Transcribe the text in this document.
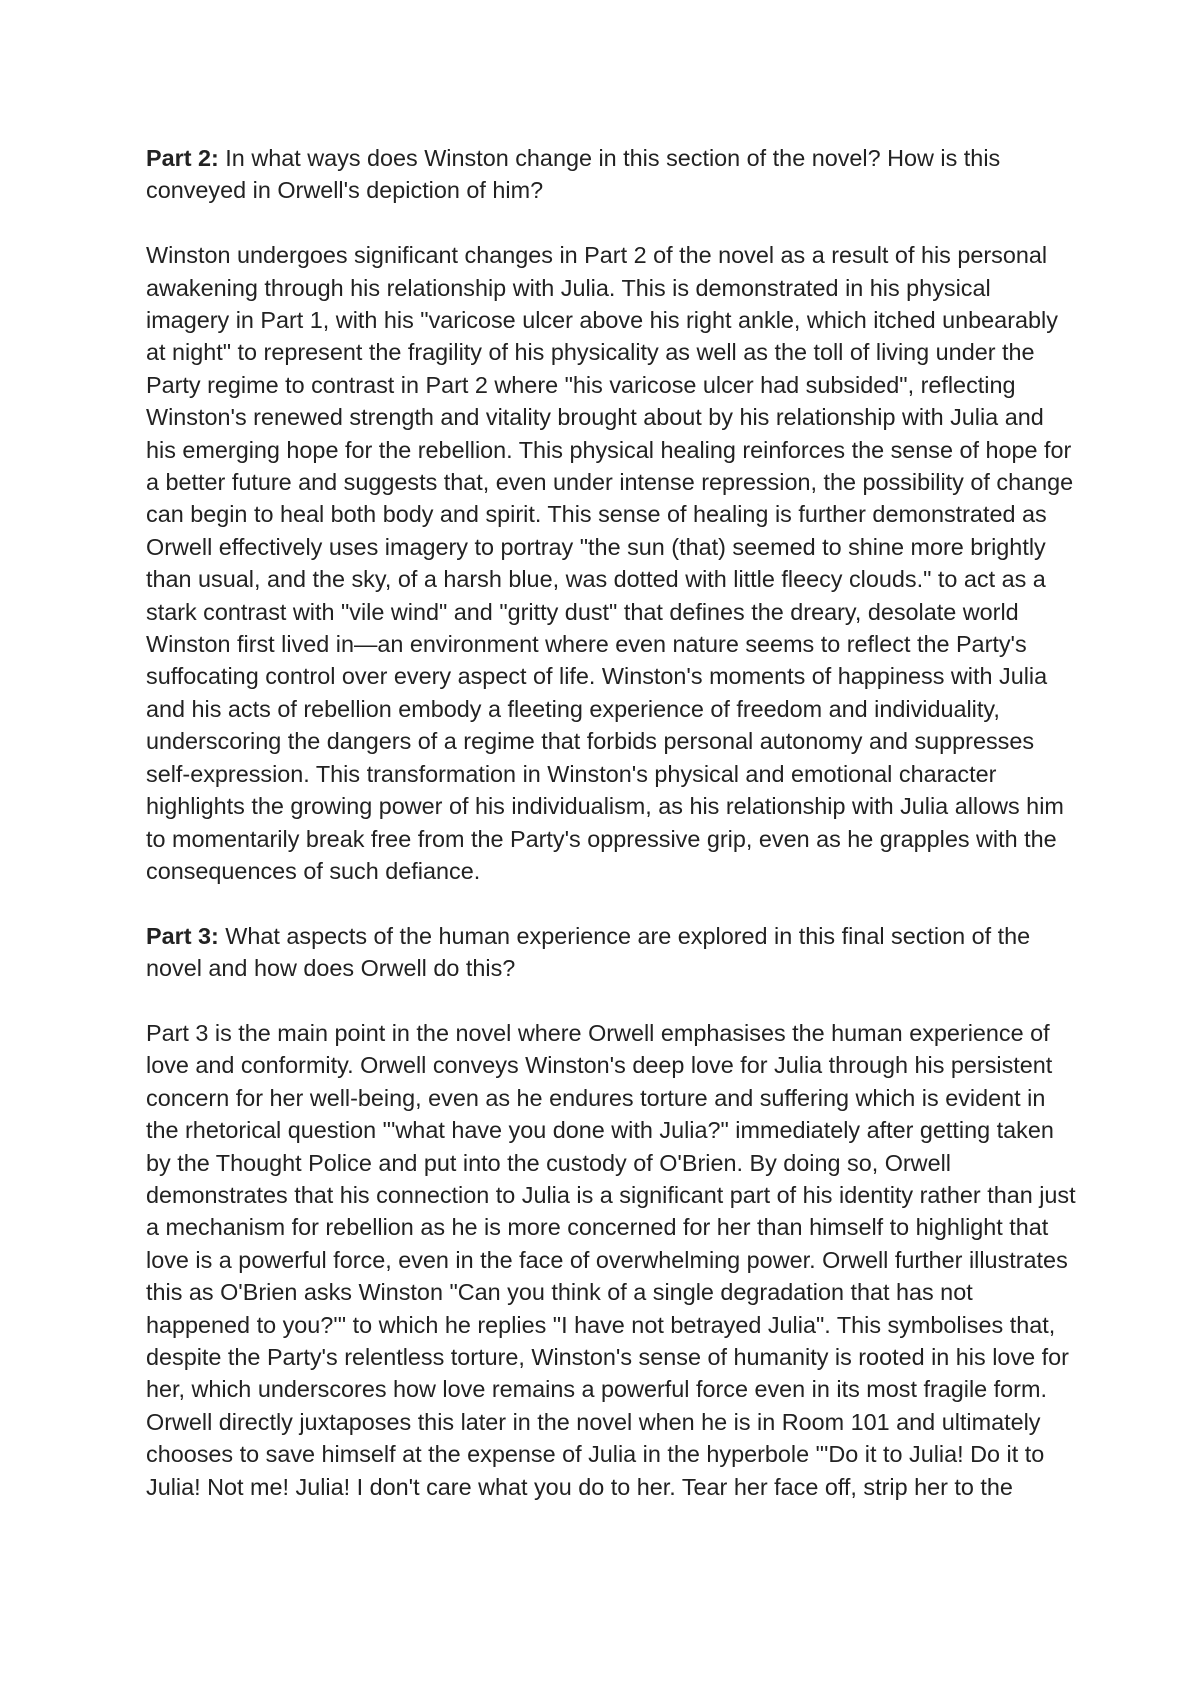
Part 2: In what ways does Winston change in this section of the novel? How is this conveyed in Orwell's depiction of him?

Winston undergoes significant changes in Part 2 of the novel as a result of his personal awakening through his relationship with Julia. This is demonstrated in his physical imagery in Part 1, with his "varicose ulcer above his right ankle, which itched unbearably at night" to represent the fragility of his physicality as well as the toll of living under the Party regime to contrast in Part 2 where "his varicose ulcer had subsided", reflecting Winston's renewed strength and vitality brought about by his relationship with Julia and his emerging hope for the rebellion. This physical healing reinforces the sense of hope for a better future and suggests that, even under intense repression, the possibility of change can begin to heal both body and spirit. This sense of healing is further demonstrated as Orwell effectively uses imagery to portray "the sun (that) seemed to shine more brightly than usual, and the sky, of a harsh blue, was dotted with little fleecy clouds." to act as a stark contrast with "vile wind" and "gritty dust" that defines the dreary, desolate world Winston first lived in—an environment where even nature seems to reflect the Party's suffocating control over every aspect of life. Winston's moments of happiness with Julia and his acts of rebellion embody a fleeting experience of freedom and individuality, underscoring the dangers of a regime that forbids personal autonomy and suppresses self-expression. This transformation in Winston's physical and emotional character highlights the growing power of his individualism, as his relationship with Julia allows him to momentarily break free from the Party's oppressive grip, even as he grapples with the consequences of such defiance.

Part 3: What aspects of the human experience are explored in this final section of the novel and how does Orwell do this?

Part 3 is the main point in the novel where Orwell emphasises the human experience of love and conformity. Orwell conveys Winston's deep love for Julia through his persistent concern for her well-being, even as he endures torture and suffering which is evident in the rhetorical question "'what have you done with Julia?" immediately after getting taken by the Thought Police and put into the custody of O'Brien. By doing so, Orwell demonstrates that his connection to Julia is a significant part of his identity rather than just a mechanism for rebellion as he is more concerned for her than himself to highlight that love is a powerful force, even in the face of overwhelming power. Orwell further illustrates this as O'Brien asks Winston "Can you think of a single degradation that has not happened to you?'" to which he replies "I have not betrayed Julia". This symbolises that, despite the Party's relentless torture, Winston's sense of humanity is rooted in his love for her, which underscores how love remains a powerful force even in its most fragile form. Orwell directly juxtaposes this later in the novel when he is in Room 101 and ultimately chooses to save himself at the expense of Julia in the hyperbole "'Do it to Julia! Do it to Julia! Not me! Julia! I don't care what you do to her. Tear her face off, strip her to the
